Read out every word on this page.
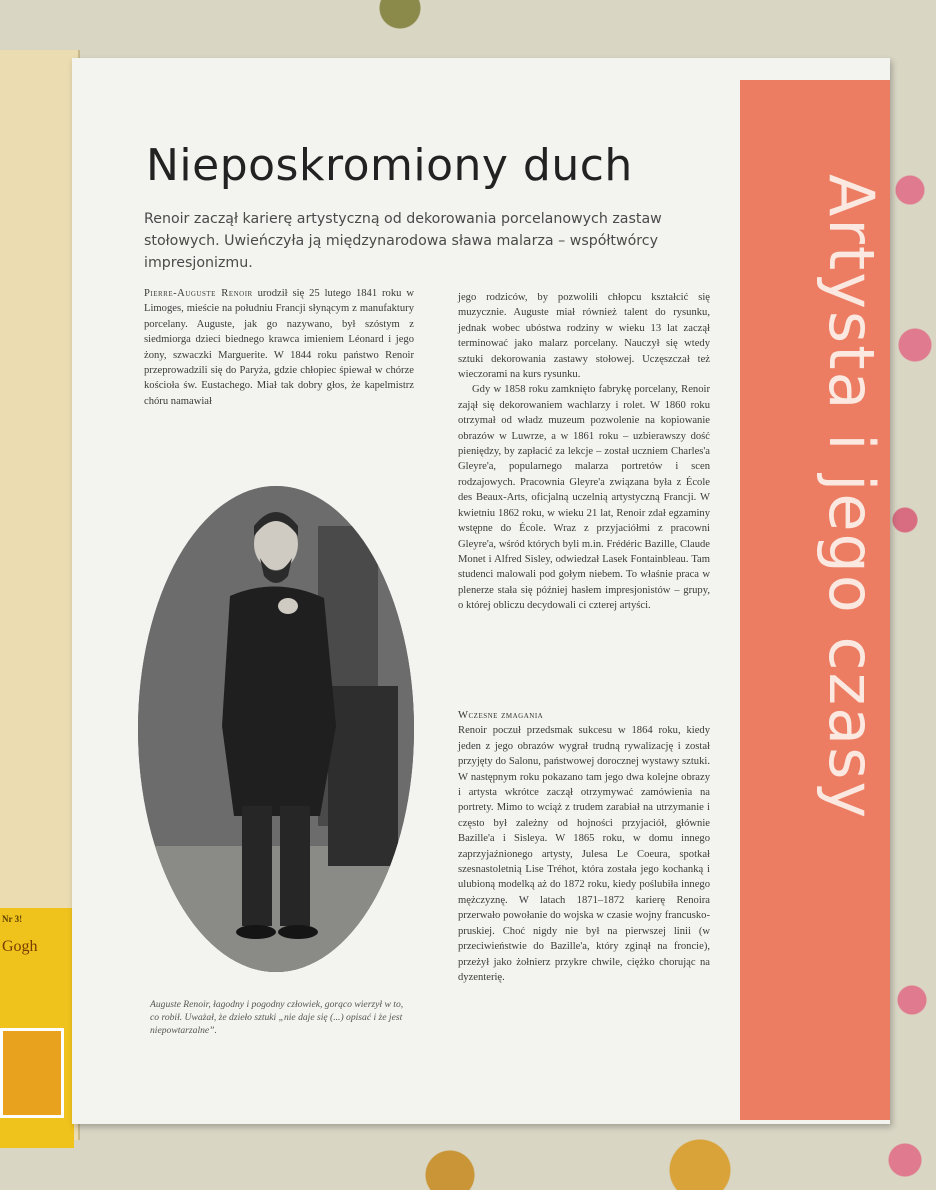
Nr 3!
Gogh
Artysta i jego czasy
Nieposkromiony duch

Renoir zaczął karierę artystyczną od dekorowania porcelanowych zastaw stołowych. Uwieńczyła ją międzynarodowa sława malarza – współtwórcy impresjonizmu.

Pierre-Auguste Renoir urodził się 25 lutego 1841 roku w Limoges, mieście na południu Francji słynącym z manufaktury porcelany. Auguste, jak go nazywano, był szóstym z siedmiorga dzieci biednego krawca imieniem Léonard i jego żony, szwaczki Marguerite. W 1844 roku państwo Renoir przeprowadzili się do Paryża, gdzie chłopiec śpiewał w chórze kościoła św. Eustachego. Miał tak dobry głos, że kapelmistrz chóru namawiał

Auguste Renoir, łagodny i pogodny człowiek, gorąco wierzył w to, co robił. Uważał, że dzieło sztuki „nie daje się (...) opisać i że jest niepowtarzalne”.

jego rodziców, by pozwolili chłopcu kształcić się muzycznie. Auguste miał również talent do rysunku, jednak wobec ubóstwa rodziny w wieku 13 lat zaczął terminować jako malarz porcelany. Nauczył się wtedy sztuki dekorowania zastawy stołowej. Uczęszczał też wieczorami na kurs rysunku.

Gdy w 1858 roku zamknięto fabrykę porcelany, Renoir zajął się dekorowaniem wachlarzy i rolet. W 1860 roku otrzymał od władz muzeum pozwolenie na kopiowanie obrazów w Luwrze, a w 1861 roku – uzbierawszy dość pieniędzy, by zapłacić za lekcje – został uczniem Charles'a Gleyre'a, popularnego malarza portretów i scen rodzajowych. Pracownia Gleyre'a związana była z École des Beaux-Arts, oficjalną uczelnią artystyczną Francji. W kwietniu 1862 roku, w wieku 21 lat, Renoir zdał egzaminy wstępne do École. Wraz z przyjaciółmi z pracowni Gleyre'a, wśród których byli m.in. Frédéric Bazille, Claude Monet i Alfred Sisley, odwiedzał Lasek Fontainbleau. Tam studenci malowali pod gołym niebem. To właśnie praca w plenerze stała się później hasłem impresjonistów – grupy, o której obliczu decydowali ci czterej artyści.

Wczesne zmagania

Renoir poczuł przedsmak sukcesu w 1864 roku, kiedy jeden z jego obrazów wygrał trudną rywalizację i został przyjęty do Salonu, państwowej dorocznej wystawy sztuki. W następnym roku pokazano tam jego dwa kolejne obrazy i artysta wkrótce zaczął otrzymywać zamówienia na portrety. Mimo to wciąż z trudem zarabiał na utrzymanie i często był zależny od hojności przyjaciół, głównie Bazille'a i Sisleya. W 1865 roku, w domu innego zaprzyjaźnionego artysty, Julesa Le Coeura, spotkał szesnastoletnią Lise Tréhot, która została jego kochanką i ulubioną modelką aż do 1872 roku, kiedy poślubiła innego mężczyznę. W latach 1871–1872 karierę Renoira przerwało powołanie do wojska w czasie wojny francusko-pruskiej. Choć nigdy nie był na pierwszej linii (w przeciwieństwie do Bazille'a, który zginął na froncie), przeżył jako żołnierz przykre chwile, ciężko chorując na dyzenterię.
